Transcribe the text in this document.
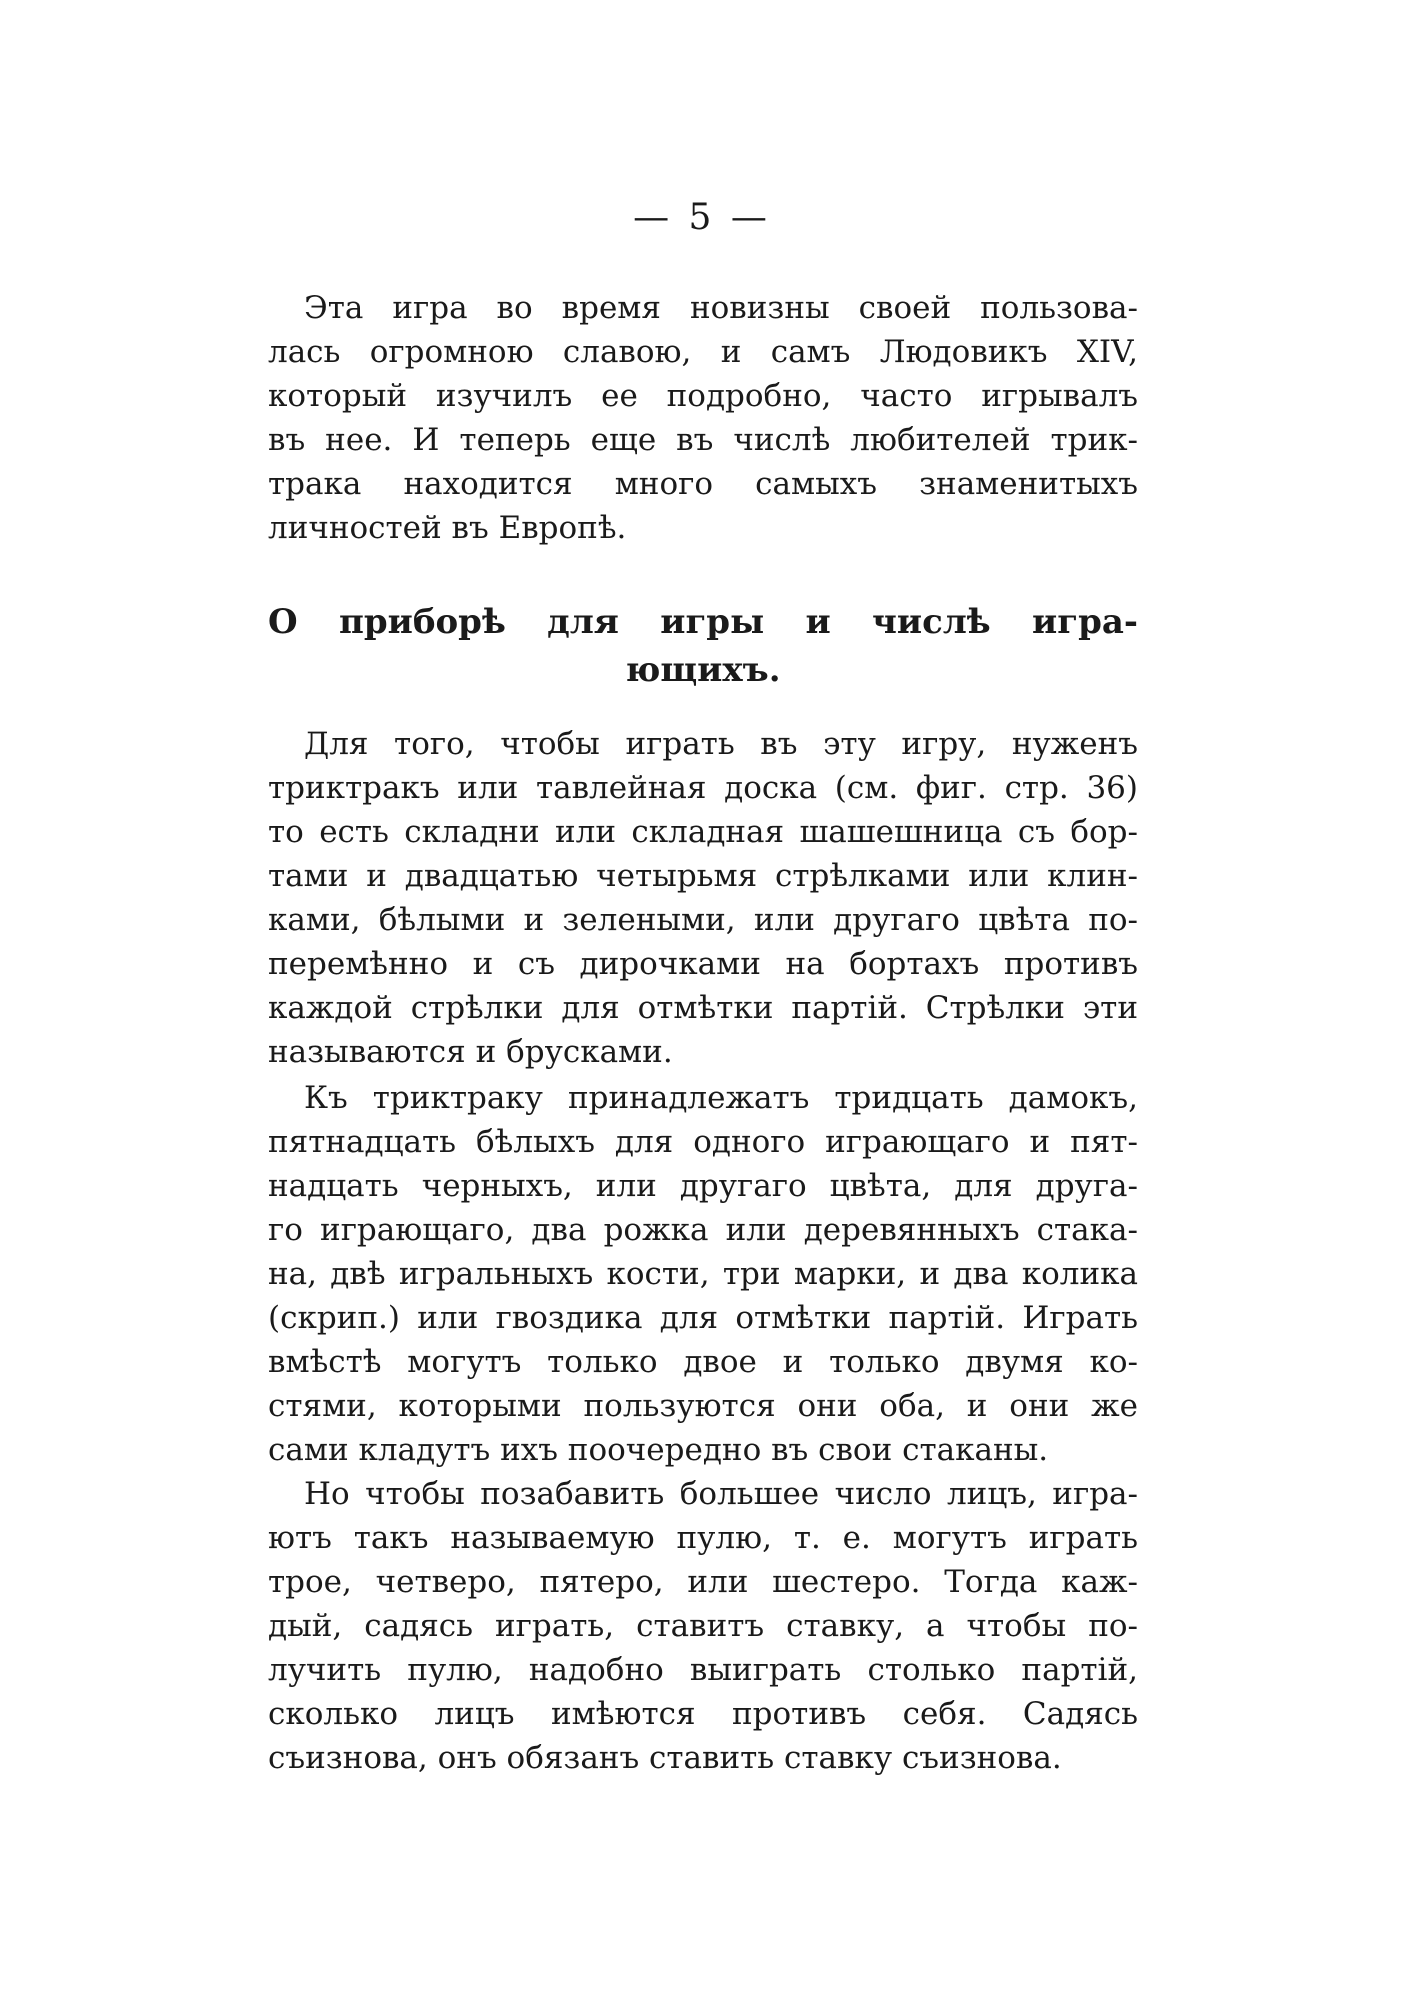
— 5 —
Эта игра во время новизны своей пользова-
лась огромною славою, и самъ Людовикъ XIV,
который изучилъ ее подробно, часто игрывалъ
въ нее. И теперь еще въ числѣ любителей трик-
трака находится много самыхъ знаменитыхъ
личностей въ Европѣ.
О приборѣ для игры и числѣ игра-
ющихъ.
Для того, чтобы играть въ эту игру, нуженъ
триктракъ или тавлейная доска (см. фиг. стр. 36)
то есть складни или складная шашешница съ бор-
тами и двадцатью четырьмя стрѣлками или клин-
ками, бѣлыми и зелеными, или другаго цвѣта по-
перемѣнно и съ дирочками на бортахъ противъ
каждой стрѣлки для отмѣтки партій. Стрѣлки эти
называются и брусками.
Къ триктраку принадлежатъ тридцать дамокъ,
пятнадцать бѣлыхъ для одного играющаго и пят-
надцать черныхъ, или другаго цвѣта, для друга-
го играющаго, два рожка или деревянныхъ стака-
на, двѣ игральныхъ кости, три марки, и два колика
(скрип.) или гвоздика для отмѣтки партій. Играть
вмѣстѣ могутъ только двое и только двумя ко-
стями, которыми пользуются они оба, и они же
сами кладутъ ихъ поочередно въ свои стаканы.
Но чтобы позабавить большее число лицъ, игра-
ютъ такъ называемую пулю, т. е. могутъ играть
трое, четверо, пятеро, или шестеро. Тогда каж-
дый, садясь играть, ставитъ ставку, а чтобы по-
лучить пулю, надобно выиграть столько партій,
сколько лицъ имѣются противъ себя. Садясь
съизнова, онъ обязанъ ставить ставку съизнова.
